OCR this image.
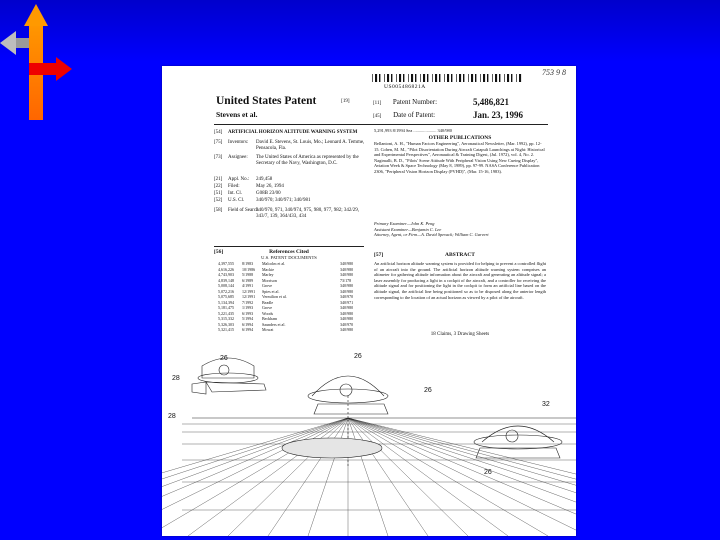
753 9 8
US005486821A
United States Patent	[19]
Stevens et al.
[11] Patent Number:	5,486,821
[45] Date of Patent:	Jan. 23, 1996
[54] ARTIFICIAL HORIZON ALTITUDE WARNING SYSTEM
[75] Inventors: David E. Stevens, St. Louis, Mo.; Leonard A. Temme, Pensacola, Fla.
[73] Assignee: The United States of America as represented by the Secretary of the Navy, Washington, D.C.
[21] Appl. No.: 249,458
[22] Filed:	May 26, 1994
[51] Int. Cl.	G08B 23/00
[52] U.S. Cl. 340/970; 340/971; 340/981
[58] Field of Search
340/970, 971, 340/974, 975, 980, 977, 982; 342/29, 343/7, 139, 364/433, 434
[56]	References Cited
U.S. PATENT DOCUMENTS
4,397,555 8/1983 Malcolm et al.	340/980
4,616,226 10/1986 Mackie	340/980
4,743,903 5/1988 Marley	340/980
4,839,148 6/1989 Morrison	73/178
5,008,144 4/1991 Grove	340/980
5,072,216 12/1991 Spies et al.	340/980
5,075,685 12/1991 Vermilion et al.	340/970
5,134,394 7/1992 Beadle	340/971
5,181,475 1/1993 Grove	340/980
5,221,435 6/1993 Woods	340/980
5,315,332 5/1994 Beckham	340/980
5,326,303 6/1994 Saunders et al.	340/970
5,321,415 6/1994 Mowat	340/980
5,291,993 8/1994 Sea ..................... 340/980
OTHER PUBLICATIONS
Bellantoni, A. H., "Human Factors Engineering", Aeronautical Newsletter, (Mar. 1992), pp. 12-15. Cohen, M. M., "Pilot Disorientation During Aircraft Catapult Launchings at Night: Historical and Experimental Perspectives", Aeronautical & Training Digest, (Jul. 1972), vol. 4, No. 2. Nagimalli, B. D., "Pilots' Scene Attitude With Peripheral Vision Using New Cueing Display", Aviation Week & Space Technology (May 8, 1989), pp. 97-99. NASA Conference Publication 2306, "Peripheral Vision Horizon Display (PVHD)", (Mar. 15-16, 1983).
Primary Examiner—John K. Peng
Assistant Examiner—Benjamin C. Lee
Attorney, Agent, or Firm—A. David Spevack; William C. Garvert
[57]	ABSTRACT
An artificial horizon altitude warning system is provided for helping to prevent a controlled flight of an aircraft into the ground. The artificial horizon altitude warning system comprises an altimeter for gathering altitude information about the aircraft and generating an altitude signal; a laser assembly for producing a light in a cockpit of the aircraft, and a controller for receiving the altitude signal and for positioning the light in the cockpit to form an artificial line based on the altitude signal, the artificial line being positioned so as to be disposed along the anterior length corresponding to the location of an actual horizon as viewed by a pilot of the aircraft.
18 Claims, 3 Drawing Sheets
26
28
26
32
26
28
26
